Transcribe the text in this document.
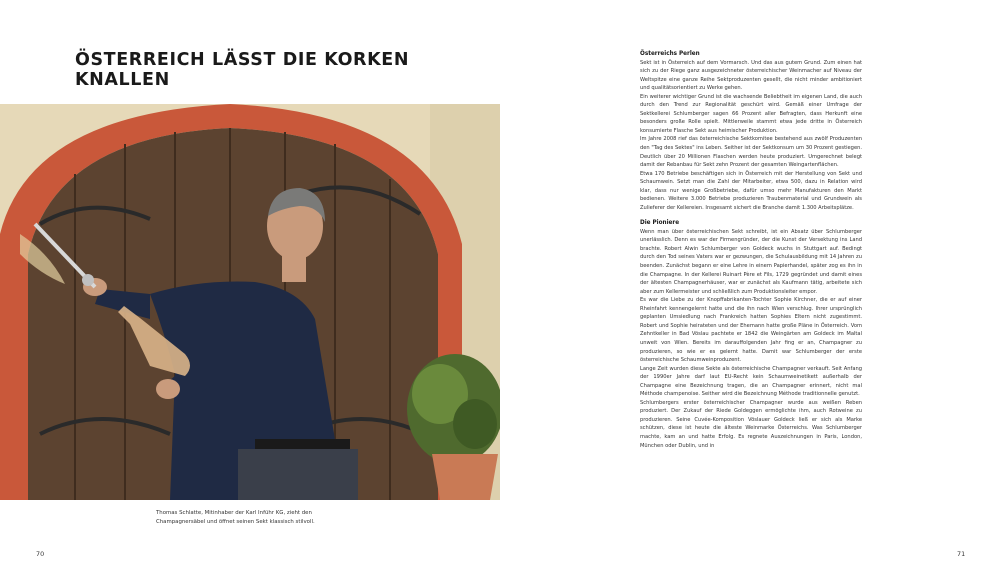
ÖSTERREICH LÄSST DIE KORKEN KNALLEN

Thomas Schlatte, Mitinhaber der Karl Inführ KG, zieht den Champagnersäbel und öffnet seinen Sekt klassisch stilvoll.

70

Österreichs Perlen

Sekt ist in Österreich auf dem Vormarsch. Und das aus gutem Grund. Zum einen hat sich zu der Riege ganz ausgezeichneter österreichischer Weinmacher auf Niveau der Weltspitze eine ganze Reihe Sektproduzenten gesellt, die nicht minder ambitioniert und qualitätsorientiert zu Werke gehen.

Ein weiterer wichtiger Grund ist die wachsende Beliebtheit im eigenen Land, die auch durch den Trend zur Regionalität geschürt wird. Gemäß einer Umfrage der Sektkellerei Schlumberger sagen 66 Prozent aller Befragten, dass Herkunft eine besonders große Rolle spielt. Mittlerweile stammt etwa jede dritte in Österreich konsumierte Flasche Sekt aus heimischer Produktion.

Im Jahre 2008 rief das österreichische Sektkomitee bestehend aus zwölf Produzenten den "Tag des Sektes" ins Leben. Seither ist der Sektkonsum um 30 Prozent gestiegen. Deutlich über 20 Millionen Flaschen werden heute produziert. Umgerechnet belegt damit der Rebanbau für Sekt zehn Prozent der gesamten Weingartenflächen.

Etwa 170 Betriebe beschäftigen sich in Österreich mit der Herstellung von Sekt und Schaumwein. Setzt man die Zahl der Mitarbeiter, etwa 500, dazu in Relation wird klar, dass nur wenige Großbetriebe, dafür umso mehr Manufakturen den Markt bedienen. Weitere 3.000 Betriebe produzieren Traubenmaterial und Grundwein als Zulieferer der Kellereien. Insgesamt sichert die Branche damit 1.300 Arbeitsplätze.

Die Pioniere

Wenn man über österreichischen Sekt schreibt, ist ein Absatz über Schlumberger unerlässlich. Denn es war der Firmengründer, der die Kunst der Versektung ins Land brachte. Robert Alwin Schlumberger von Goldeck wuchs in Stuttgart auf. Bedingt durch den Tod seines Vaters war er gezwungen, die Schulausbildung mit 14 Jahren zu beenden. Zunächst begann er eine Lehre in einem Papierhandel, später zog es ihn in die Champagne. In der Kellerei Ruinart Père et Fils, 1729 gegründet und damit eines der ältesten Champagnerhäuser, war er zunächst als Kaufmann tätig, arbeitete sich aber zum Kellermeister und schließlich zum Produktionsleiter empor.

Es war die Liebe zu der Knopffabrikanten-Tochter Sophie Kirchner, die er auf einer Rheinfahrt kennengelernt hatte und die ihn nach Wien verschlug. Ihrer ursprünglich geplanten Umsiedlung nach Frankreich hatten Sophies Eltern nicht zugestimmt. Robert und Sophie heirateten und der Ehemann hatte große Pläne in Österreich. Vom Zehntkeller in Bad Vöslau pachtete er 1842 die Weingärten am Goldeck im Maltal unweit von Wien. Bereits im darauffolgenden Jahr fing er an, Champagner zu produzieren, so wie er es gelernt hatte. Damit war Schlumberger der erste österreichische Schaumweinproduzent.

Lange Zeit wurden diese Sekte als österreichische Champagner verkauft. Seit Anfang der 1990er Jahre darf laut EU-Recht kein Schaumweinetikett außerhalb der Champagne eine Bezeichnung tragen, die an Champagner erinnert, nicht mal Méthode champenoise. Seither wird die Bezeichnung Méthode traditionnelle genutzt.

Schlumbergers erster österreichischer Champagner wurde aus weißen Reben produziert. Der Zukauf der Riede Goldeggen ermöglichte ihm, auch Rotweine zu produzieren. Seine Cuvée-Komposition Vöslauer Goldeck ließ er sich als Marke schützen, diese ist heute die älteste Weinmarke Österreichs. Was Schlumberger machte, kam an und hatte Erfolg. Es regnete Auszeichnungen in Paris, London, München oder Dublin, und in

71
